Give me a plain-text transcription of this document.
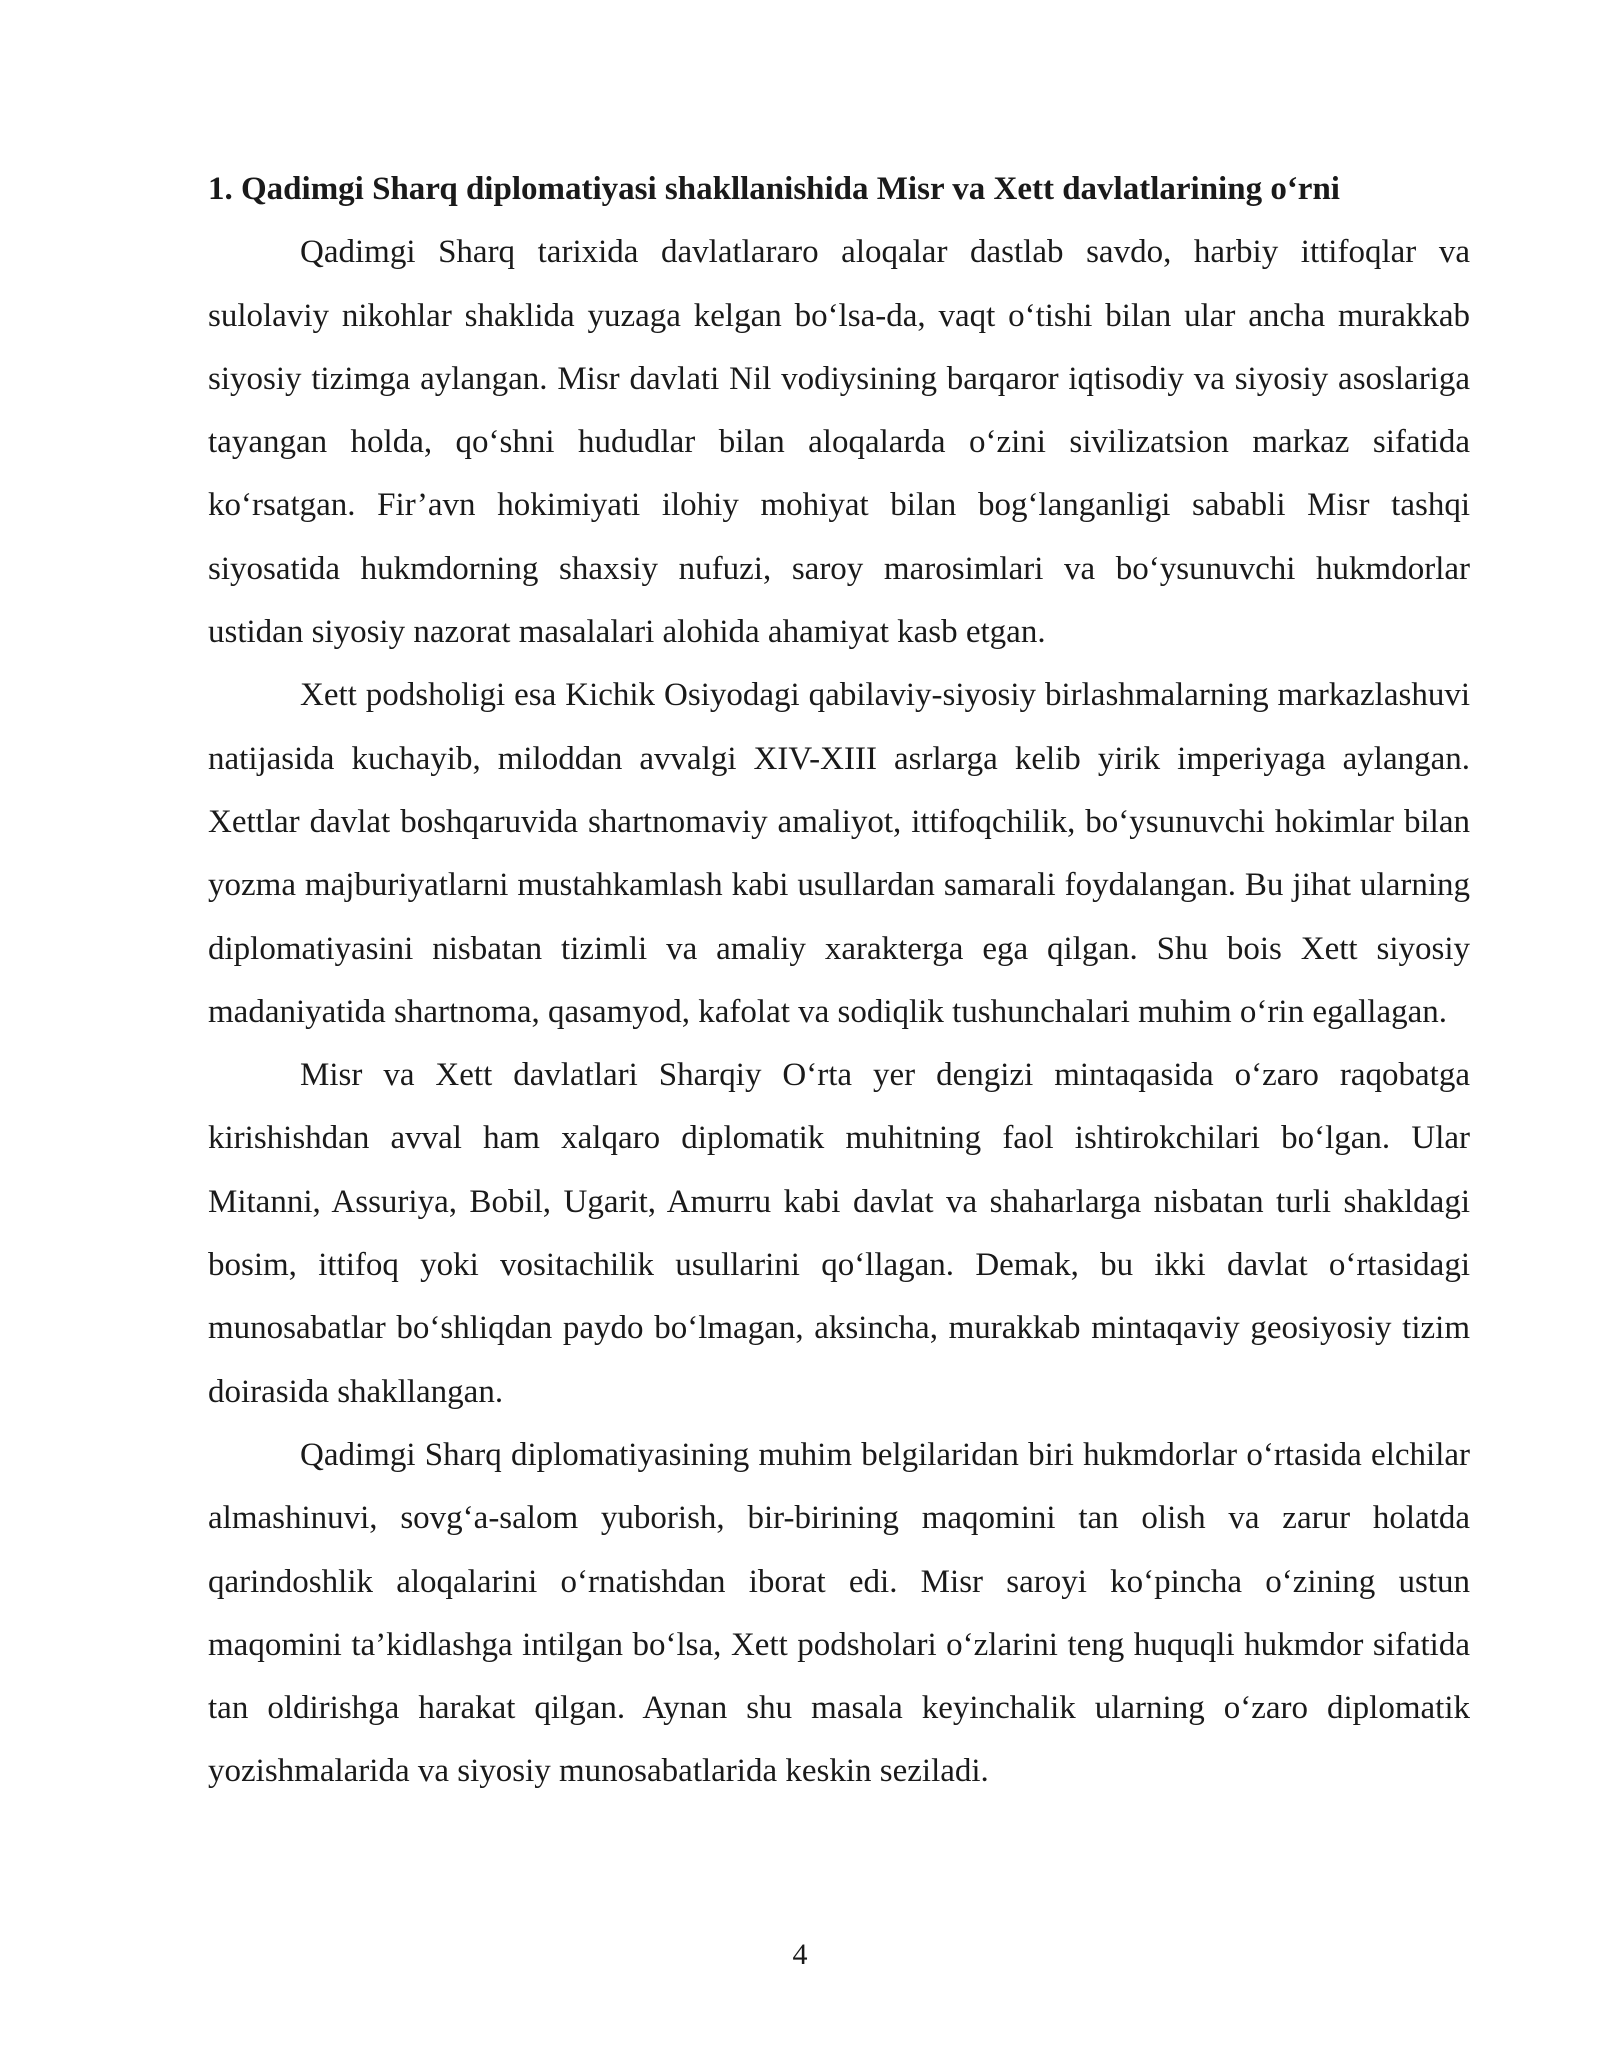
1. Qadimgi Sharq diplomatiyasi shakllanishida Misr va Xett davlatlarining o‘rni

Qadimgi Sharq tarixida davlatlararo aloqalar dastlab savdo, harbiy ittifoqlar va sulolaviy nikohlar shaklida yuzaga kelgan bo‘lsa-da, vaqt o‘tishi bilan ular ancha murakkab siyosiy tizimga aylangan. Misr davlati Nil vodiysining barqaror iqtisodiy va siyosiy asoslariga tayangan holda, qo‘shni hududlar bilan aloqalarda o‘zini sivilizatsion markaz sifatida ko‘rsatgan. Fir’avn hokimiyati ilohiy mohiyat bilan bog‘langanligi sababli Misr tashqi siyosatida hukmdorning shaxsiy nufuzi, saroy marosimlari va bo‘ysunuvchi hukmdorlar ustidan siyosiy nazorat masalalari alohida ahamiyat kasb etgan.

Xett podsholigi esa Kichik Osiyodagi qabilaviy-siyosiy birlashmalarning markazlashuvi natijasida kuchayib, miloddan avvalgi XIV-XIII asrlarga kelib yirik imperiyaga aylangan. Xettlar davlat boshqaruvida shartnomaviy amaliyot, ittifoqchilik, bo‘ysunuvchi hokimlar bilan yozma majburiyatlarni mustahkamlash kabi usullardan samarali foydalangan. Bu jihat ularning diplomatiyasini nisbatan tizimli va amaliy xarakterga ega qilgan. Shu bois Xett siyosiy madaniyatida shartnoma, qasamyod, kafolat va sodiqlik tushunchalari muhim o‘rin egallagan.

Misr va Xett davlatlari Sharqiy O‘rta yer dengizi mintaqasida o‘zaro raqobatga kirishishdan avval ham xalqaro diplomatik muhitning faol ishtirokchilari bo‘lgan. Ular Mitanni, Assuriya, Bobil, Ugarit, Amurru kabi davlat va shaharlarga nisbatan turli shakldagi bosim, ittifoq yoki vositachilik usullarini qo‘llagan. Demak, bu ikki davlat o‘rtasidagi munosabatlar bo‘shliqdan paydo bo‘lmagan, aksincha, murakkab mintaqaviy geosiyosiy tizim doirasida shakllangan.

Qadimgi Sharq diplomatiyasining muhim belgilaridan biri hukmdorlar o‘rtasida elchilar almashinuvi, sovg‘a-salom yuborish, bir-birining maqomini tan olish va zarur holatda qarindoshlik aloqalarini o‘rnatishdan iborat edi. Misr saroyi ko‘pincha o‘zining ustun maqomini ta’kidlashga intilgan bo‘lsa, Xett podsholari o‘zlarini teng huquqli hukmdor sifatida tan oldirishga harakat qilgan. Aynan shu masala keyinchalik ularning o‘zaro diplomatik yozishmalarida va siyosiy munosabatlarida keskin seziladi.

4
